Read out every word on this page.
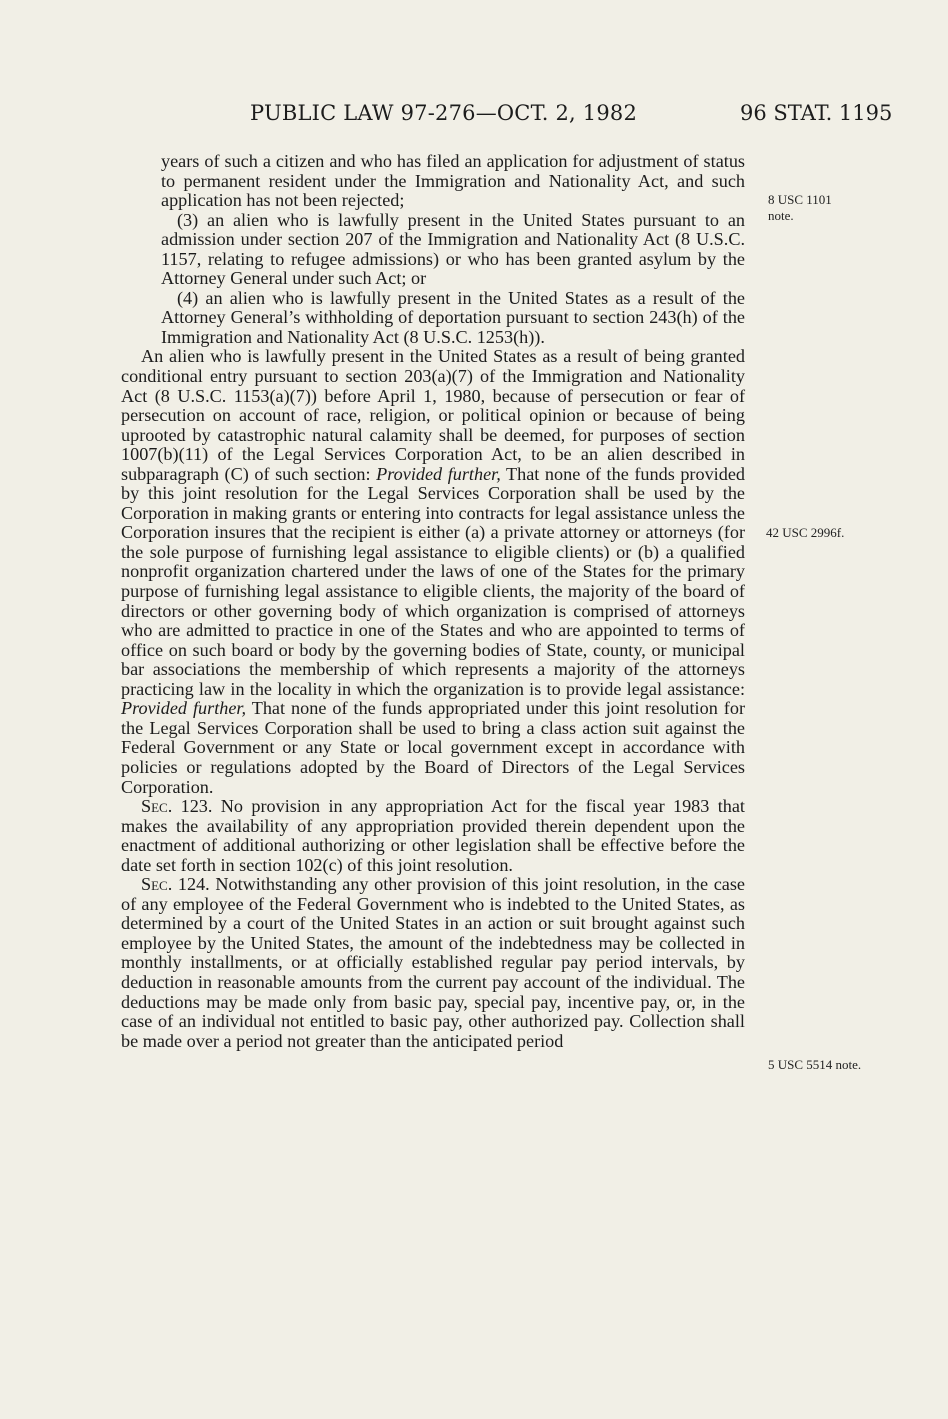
PUBLIC LAW 97-276—OCT. 2, 1982	96 STAT. 1195

years of such a citizen and who has filed an application for adjustment of status to permanent resident under the Immigration and Nationality Act, and such application has not been rejected;

(3) an alien who is lawfully present in the United States pursuant to an admission under section 207 of the Immigration and Nationality Act (8 U.S.C. 1157, relating to refugee admissions) or who has been granted asylum by the Attorney General under such Act; or

(4) an alien who is lawfully present in the United States as a result of the Attorney General’s withholding of deportation pursuant to section 243(h) of the Immigration and Nationality Act (8 U.S.C. 1253(h)).

An alien who is lawfully present in the United States as a result of being granted conditional entry pursuant to section 203(a)(7) of the Immigration and Nationality Act (8 U.S.C. 1153(a)(7)) before April 1, 1980, because of persecution or fear of persecution on account of race, religion, or political opinion or because of being uprooted by catastrophic natural calamity shall be deemed, for purposes of section 1007(b)(11) of the Legal Services Corporation Act, to be an alien described in subparagraph (C) of such section: Provided further, That none of the funds provided by this joint resolution for the Legal Services Corporation shall be used by the Corporation in making grants or entering into contracts for legal assistance unless the Corporation insures that the recipient is either (a) a private attorney or attorneys (for the sole purpose of furnishing legal assistance to eligible clients) or (b) a qualified nonprofit organization chartered under the laws of one of the States for the primary purpose of furnishing legal assistance to eligible clients, the majority of the board of directors or other governing body of which organization is comprised of attorneys who are admitted to practice in one of the States and who are appointed to terms of office on such board or body by the governing bodies of State, county, or municipal bar associations the membership of which represents a majority of the attorneys practicing law in the locality in which the organization is to provide legal assistance: Provided further, That none of the funds appropriated under this joint resolution for the Legal Services Corporation shall be used to bring a class action suit against the Federal Government or any State or local government except in accordance with policies or regulations adopted by the Board of Directors of the Legal Services Corporation.

Sec. 123. No provision in any appropriation Act for the fiscal year 1983 that makes the availability of any appropriation provided therein dependent upon the enactment of additional authorizing or other legislation shall be effective before the date set forth in section 102(c) of this joint resolution.

Sec. 124. Notwithstanding any other provision of this joint resolution, in the case of any employee of the Federal Government who is indebted to the United States, as determined by a court of the United States in an action or suit brought against such employee by the United States, the amount of the indebtedness may be collected in monthly installments, or at officially established regular pay period intervals, by deduction in reasonable amounts from the current pay account of the individual. The deductions may be made only from basic pay, special pay, incentive pay, or, in the case of an individual not entitled to basic pay, other authorized pay. Collection shall be made over a period not greater than the anticipated period

8 USC 1101
note.
42 USC 2996f.
5 USC 5514 note.
